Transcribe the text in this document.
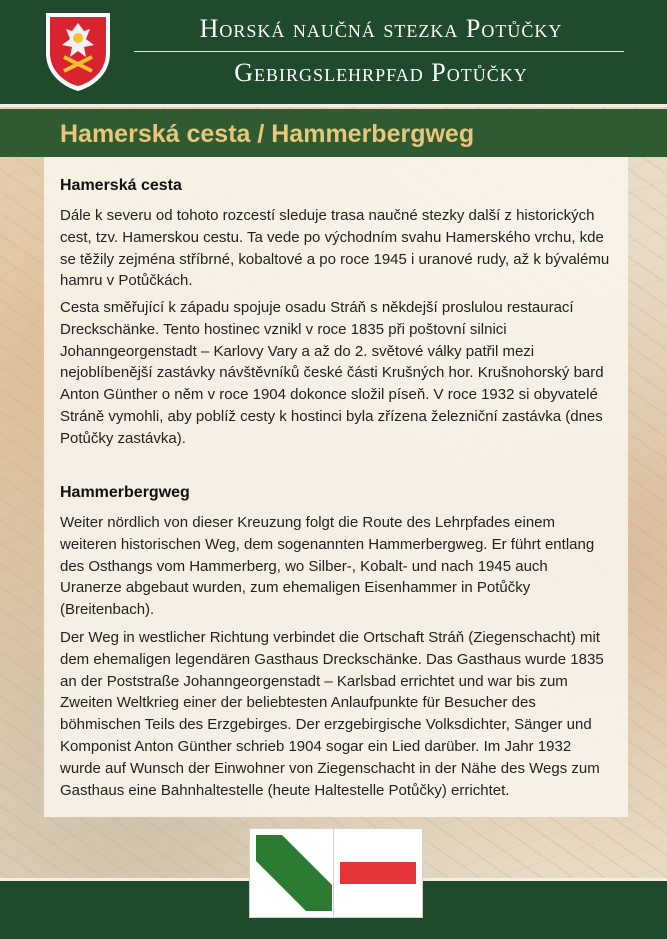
Horská naučná stezka Potůčky
Gebirgslehrpfad Potůčky
Hamerská cesta / Hammerbergweg
Hamerská cesta

Dále k severu od tohoto rozcestí sleduje trasa naučné stezky další z historických cest, tzv. Hamerskou cestu. Ta vede po východním svahu Hamerského vrchu, kde se těžily zejména stříbrné, kobaltové a po roce 1945 i uranové rudy, až k bývalému hamru v Potůčkách.

Cesta směřující k západu spojuje osadu Stráň s někdejší proslulou restaurací Dreckschänke. Tento hostinec vznikl v roce 1835 při poštovní silnici Johanngeorgenstadt – Karlovy Vary a až do 2. světové války patřil mezi nejoblíbenější zastávky návštěvníků české části Krušných hor. Krušnohorský bard Anton Günther o něm v roce 1904 dokonce složil píseň. V roce 1932 si obyvatelé Stráně vymohli, aby poblíž cesty k hostinci byla zřízena železniční zastávka (dnes Potůčky zastávka).

Hammerbergweg

Weiter nördlich von dieser Kreuzung folgt die Route des Lehrpfades einem weiteren historischen Weg, dem sogenannten Hammerbergweg. Er führt entlang des Osthangs vom Hammerberg, wo Silber-, Kobalt- und nach 1945 auch Uranerze abgebaut wurden, zum ehemaligen Eisenhammer in Potůčky (Breitenbach).

Der Weg in westlicher Richtung verbindet die Ortschaft Stráň (Ziegenschacht) mit dem ehemaligen legendären Gasthaus Dreckschänke. Das Gasthaus wurde 1835 an der Poststraße Johanngeorgenstadt – Karlsbad errichtet und war bis zum Zweiten Weltkrieg einer der beliebtesten Anlaufpunkte für Besucher des böhmischen Teils des Erzgebirges. Der erzgebirgische Volksdichter, Sänger und Komponist Anton Günther schrieb 1904 sogar ein Lied darüber. Im Jahr 1932 wurde auf Wunsch der Einwohner von Ziegenschacht in der Nähe des Wegs zum Gasthaus eine Bahnhaltestelle (heute Haltestelle Potůčky) errichtet.
